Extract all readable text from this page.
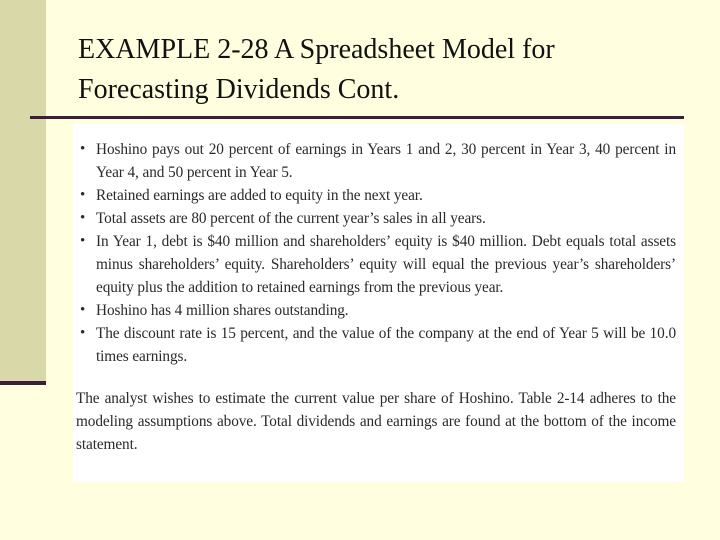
EXAMPLE 2-28 A Spreadsheet Model for
Forecasting Dividends Cont.
• Hoshino pays out 20 percent of earnings in Years 1 and 2, 30 percent in Year 3, 40 percent in Year 4, and 50 percent in Year 5.
• Retained earnings are added to equity in the next year.
• Total assets are 80 percent of the current year’s sales in all years.
• In Year 1, debt is $40 million and shareholders’ equity is $40 million. Debt equals total assets minus shareholders’ equity. Shareholders’ equity will equal the previous year’s shareholders’ equity plus the addition to retained earnings from the previous year.
• Hoshino has 4 million shares outstanding.
• The discount rate is 15 percent, and the value of the company at the end of Year 5 will be 10.0 times earnings.

The analyst wishes to estimate the current value per share of Hoshino. Table 2-14 adheres to the modeling assumptions above. Total dividends and earnings are found at the bottom of the income statement.
